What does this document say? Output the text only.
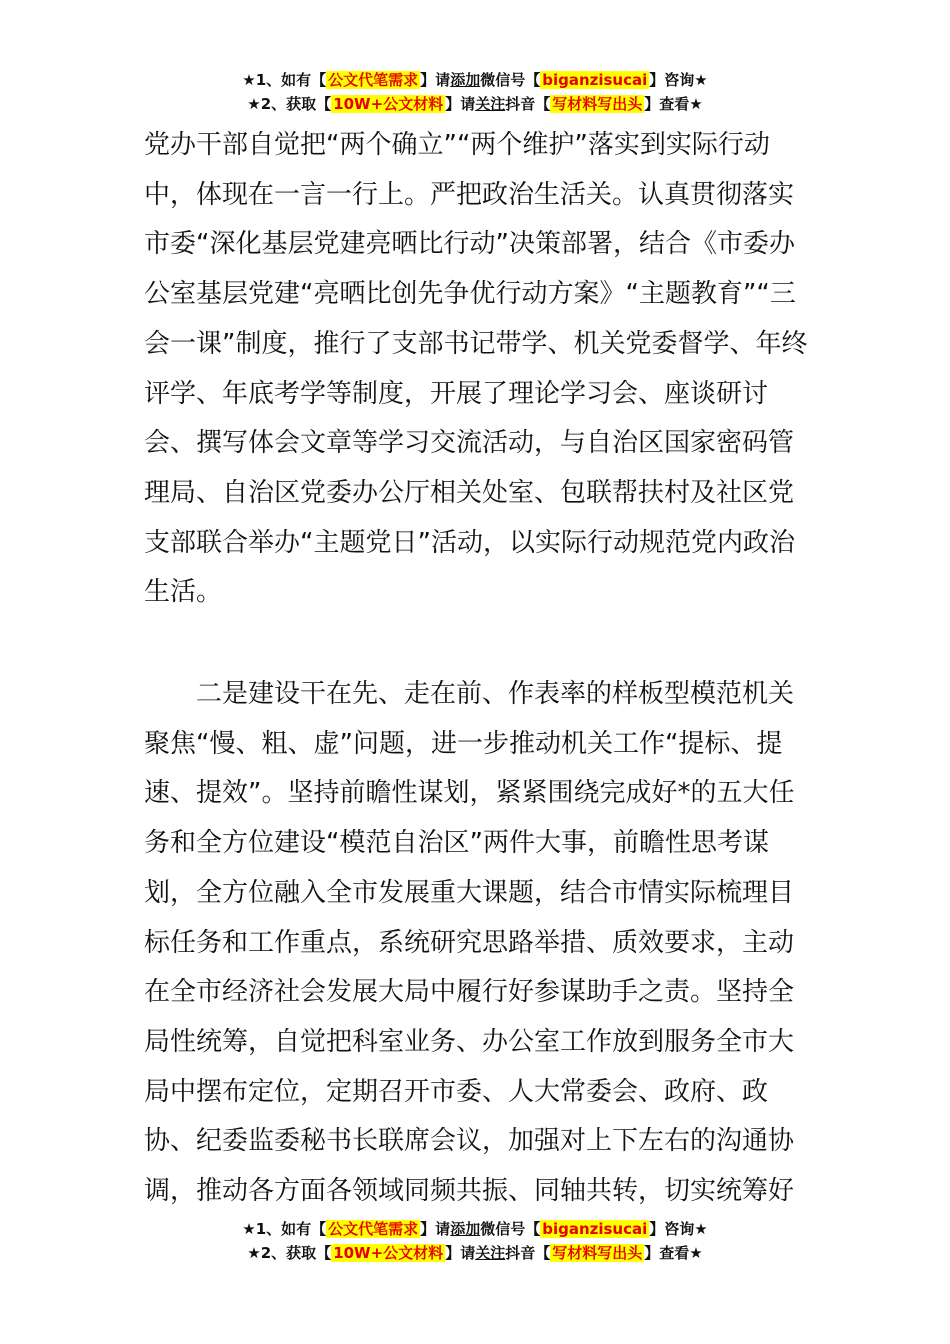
★1、如有【 公文代笔需求 】请添加微信号【 biganzisucai 】咨询★
★2、获取【 10W+公文材料 】请关注抖音【 写材料写出头 】查看★

党办干部自觉把“两个确立”“两个维护”落实到实际行动中，体现在一言一行上。严把政治生活关。认真贯彻落实市委“深化基层党建亮晒比行动”决策部署，结合《市委办公室基层党建“亮晒比创先争优行动方案》“主题教育”“三会一课”制度，推行了支部书记带学、机关党委督学、年终评学、年底考学等制度，开展了理论学习会、座谈研讨会、撰写体会文章等学习交流活动，与自治区国家密码管理局、自治区党委办公厅相关处室、包联帮扶村及社区党支部联合举办“主题党日”活动，以实际行动规范党内政治生活。

二是建设干在先、走在前、作表率的样板型模范机关聚焦“慢、粗、虚”问题，进一步推动机关工作“提标、提速、提效”。坚持前瞻性谋划，紧紧围绕完成好*的五大任务和全方位建设“模范自治区”两件大事，前瞻性思考谋划，全方位融入全市发展重大课题，结合市情实际梳理目标任务和工作重点，系统研究思路举措、质效要求，主动在全市经济社会发展大局中履行好参谋助手之责。坚持全局性统筹，自觉把科室业务、办公室工作放到服务全市大局中摆布定位，定期召开市委、人大常委会、政府、政协、纪委监委秘书长联席会议，加强对上下左右的沟通协调，推动各方面各领域同频共振、同轴共转，切实统筹好

★1、如有【 公文代笔需求 】请添加微信号【 biganzisucai 】咨询★
★2、获取【 10W+公文材料 】请关注抖音【 写材料写出头 】查看★
